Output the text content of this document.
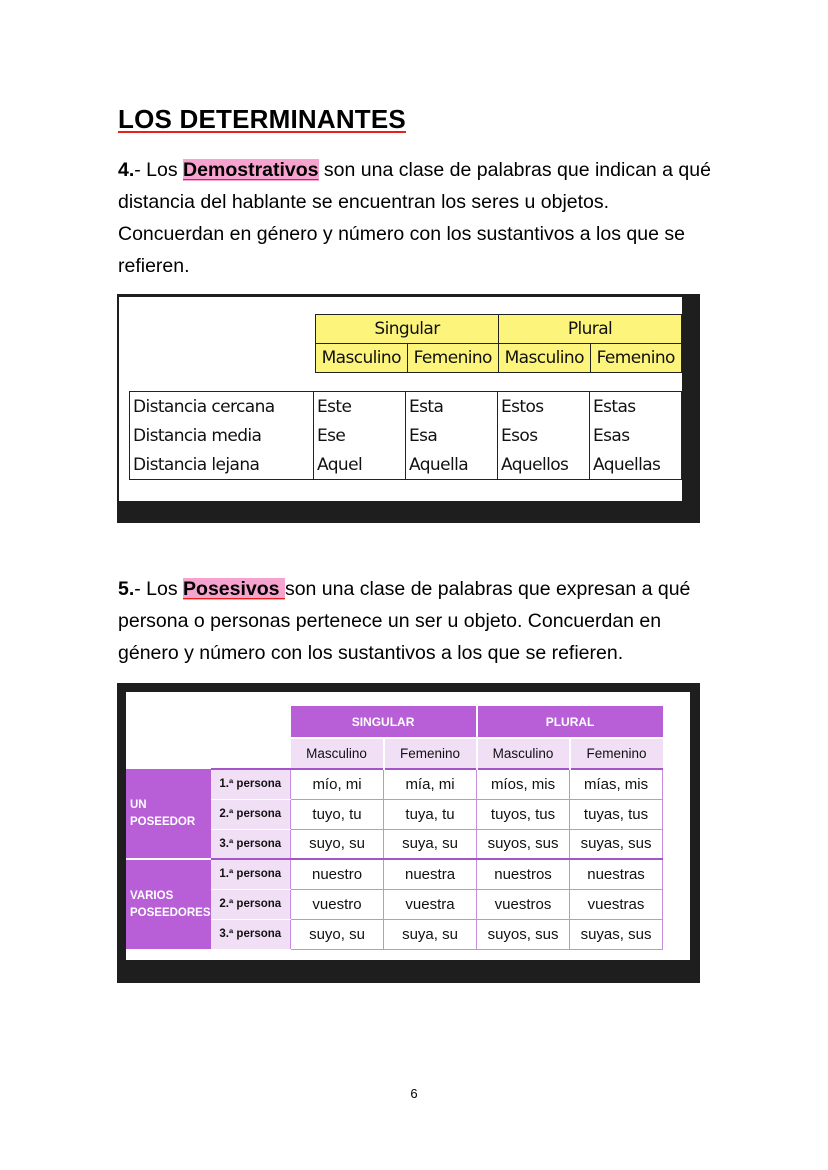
LOS DETERMINANTES

4.- Los Demostrativos son una clase de palabras que indican a qué distancia del hablante se encuentran los seres u objetos. Concuerdan en género y número con los sustantivos a los que se refieren.

Singular		Plural	
Masculino	Femenino	Masculino	Femenino
Distancia cercana	Este	Esta	Estos	Estas
Distancia media	Ese	Esa	Esos	Esas
Distancia lejana	Aquel	Aquella	Aquellos	Aquellas

5.- Los Posesivos son una clase de palabras que expresan a qué persona o personas pertenece un ser u objeto. Concuerdan en género y número con los sustantivos a los que se refieren.

		SINGULAR		PLURAL	
		Masculino	Femenino	Masculino	Femenino
UN
POSEEDOR	1.ª persona	mío, mi	mía, mi	míos, mis	mías, mis
	2.ª persona	tuyo, tu	tuya, tu	tuyos, tus	tuyas, tus
	3.ª persona	suyo, su	suya, su	suyos, sus	suyas, sus
VARIOS
POSEEDORES	1.ª persona	nuestro	nuestra	nuestros	nuestras
	2.ª persona	vuestro	vuestra	vuestros	vuestras
	3.ª persona	suyo, su	suya, su	suyos, sus	suyas, sus
6
